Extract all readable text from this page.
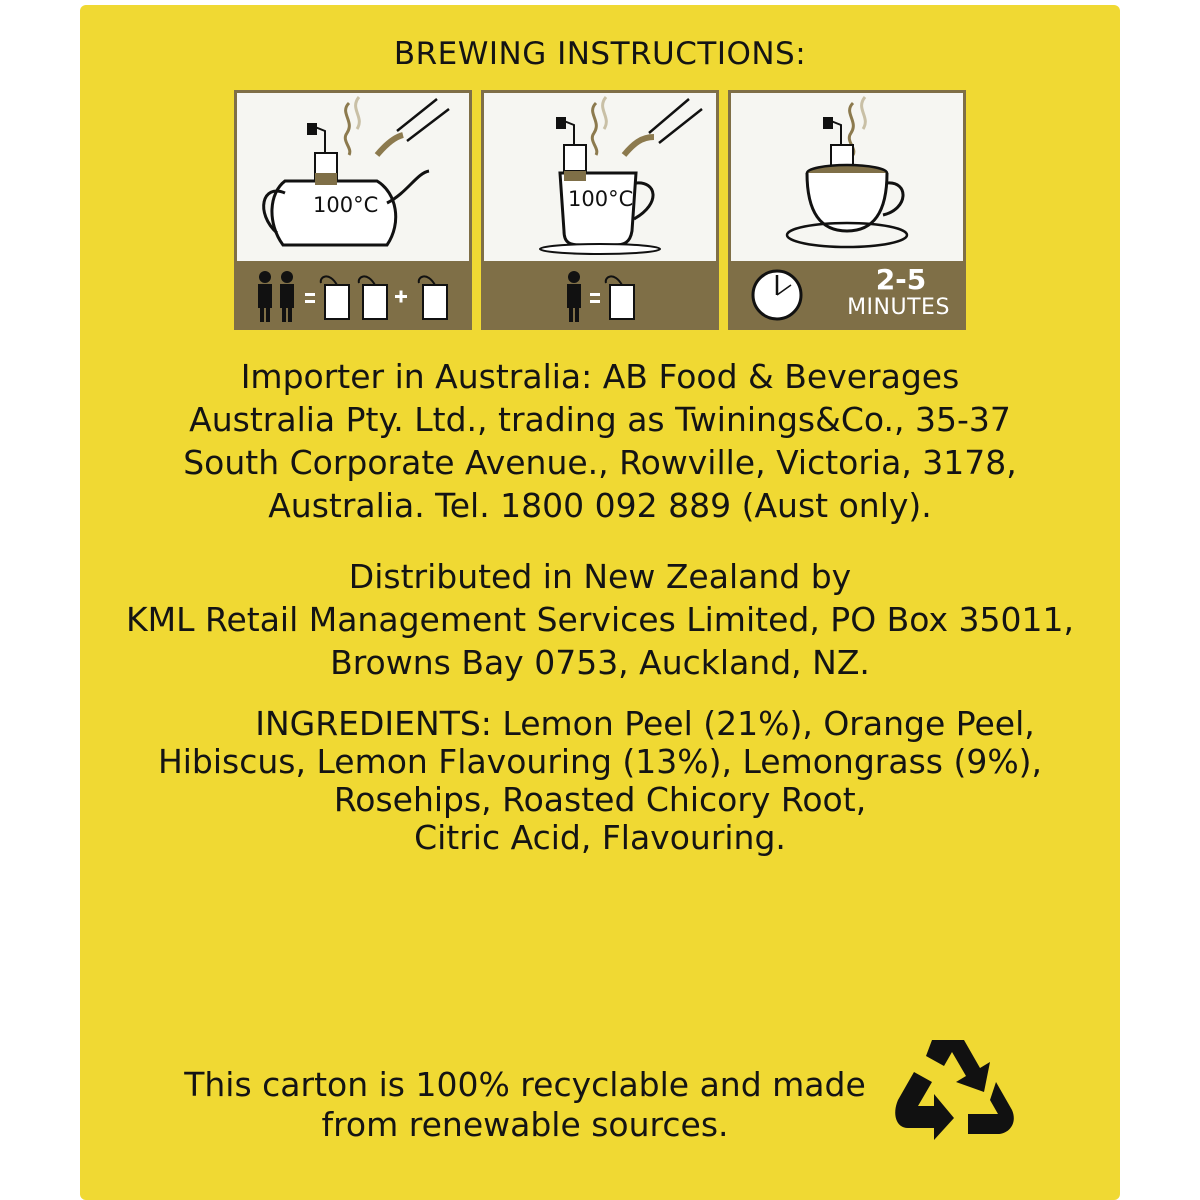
BREWING INSTRUCTIONS:
100°C	100°C
2-5
MINUTES
Importer in Australia: AB Food & Beverages
Australia Pty. Ltd., trading as Twinings&Co., 35-37
South Corporate Avenue., Rowville, Victoria, 3178,
Australia. Tel. 1800 092 889 (Aust only).
Distributed in New Zealand by
KML Retail Management Services Limited, PO Box 35011,
Browns Bay 0753, Auckland, NZ.
INGREDIENTS: Lemon Peel (21%), Orange Peel,
Hibiscus, Lemon Flavouring (13%), Lemongrass (9%),
Rosehips, Roasted Chicory Root,
Citric Acid, Flavouring.
This carton is 100% recyclable and made
from renewable sources.
